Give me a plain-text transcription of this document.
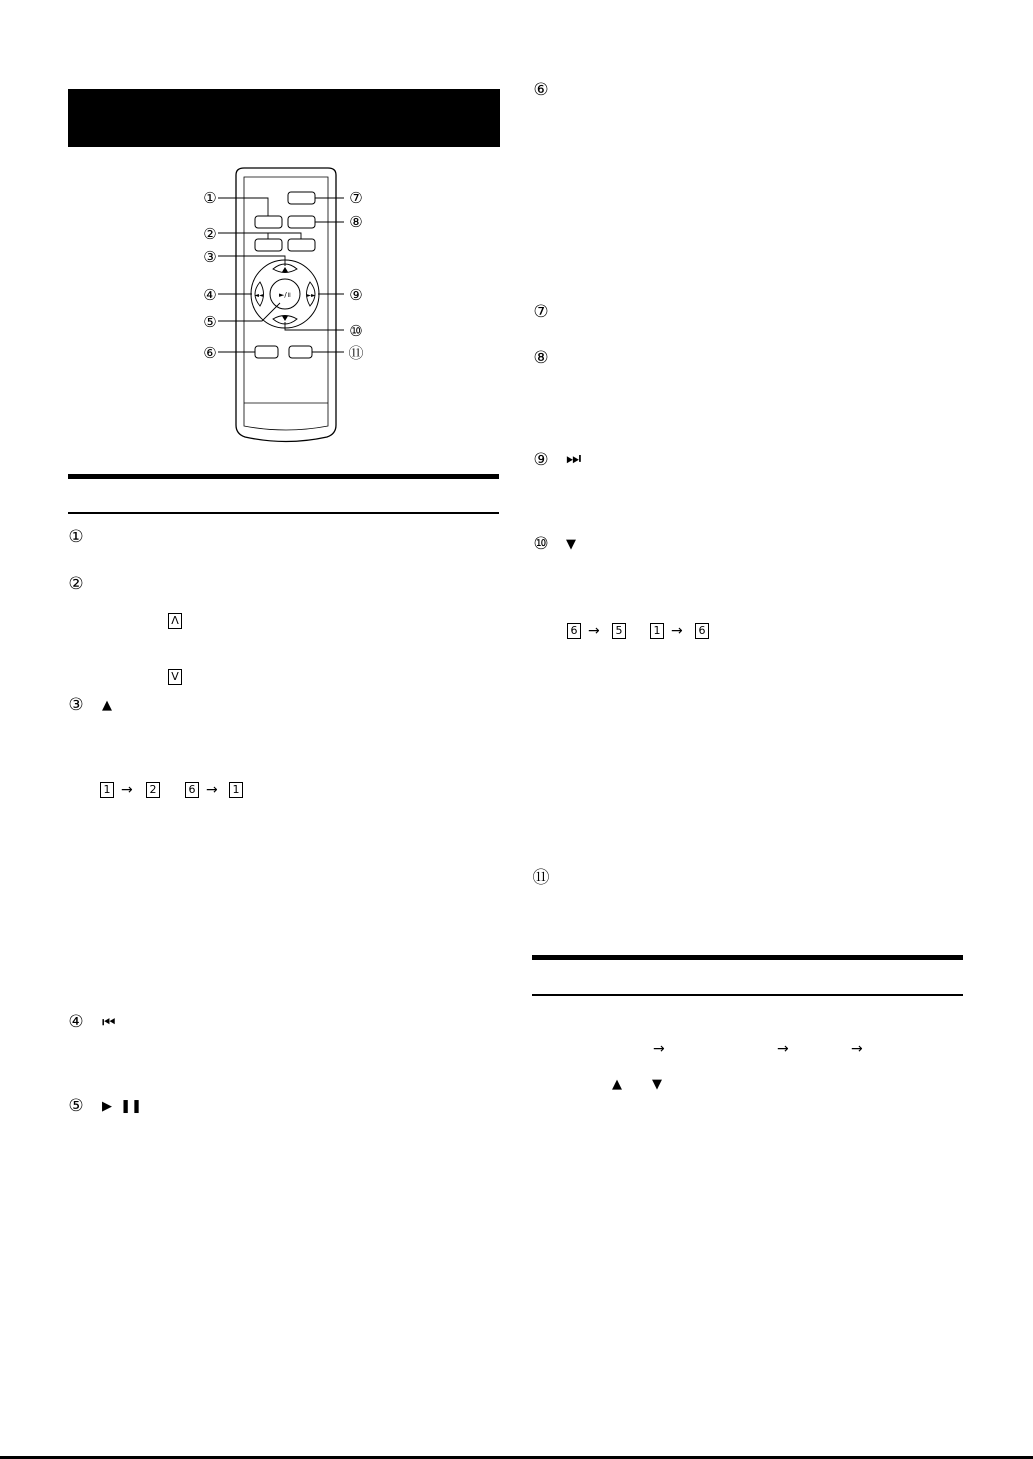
►/॥
◄◄	►►
①
②
③
④
⑤
⑥
⑦
⑧
⑨
⑩
⑪
①
②
Λ
V
③ ▲
1 →	2	6 →	1
④ ⏮
⑤ ▶  ❚❚
⑥
⑦
⑧
⑨ ⏭
⑩ ▼
6 →	5	1 →	6
⑪
→	→	→
▲ ▼
